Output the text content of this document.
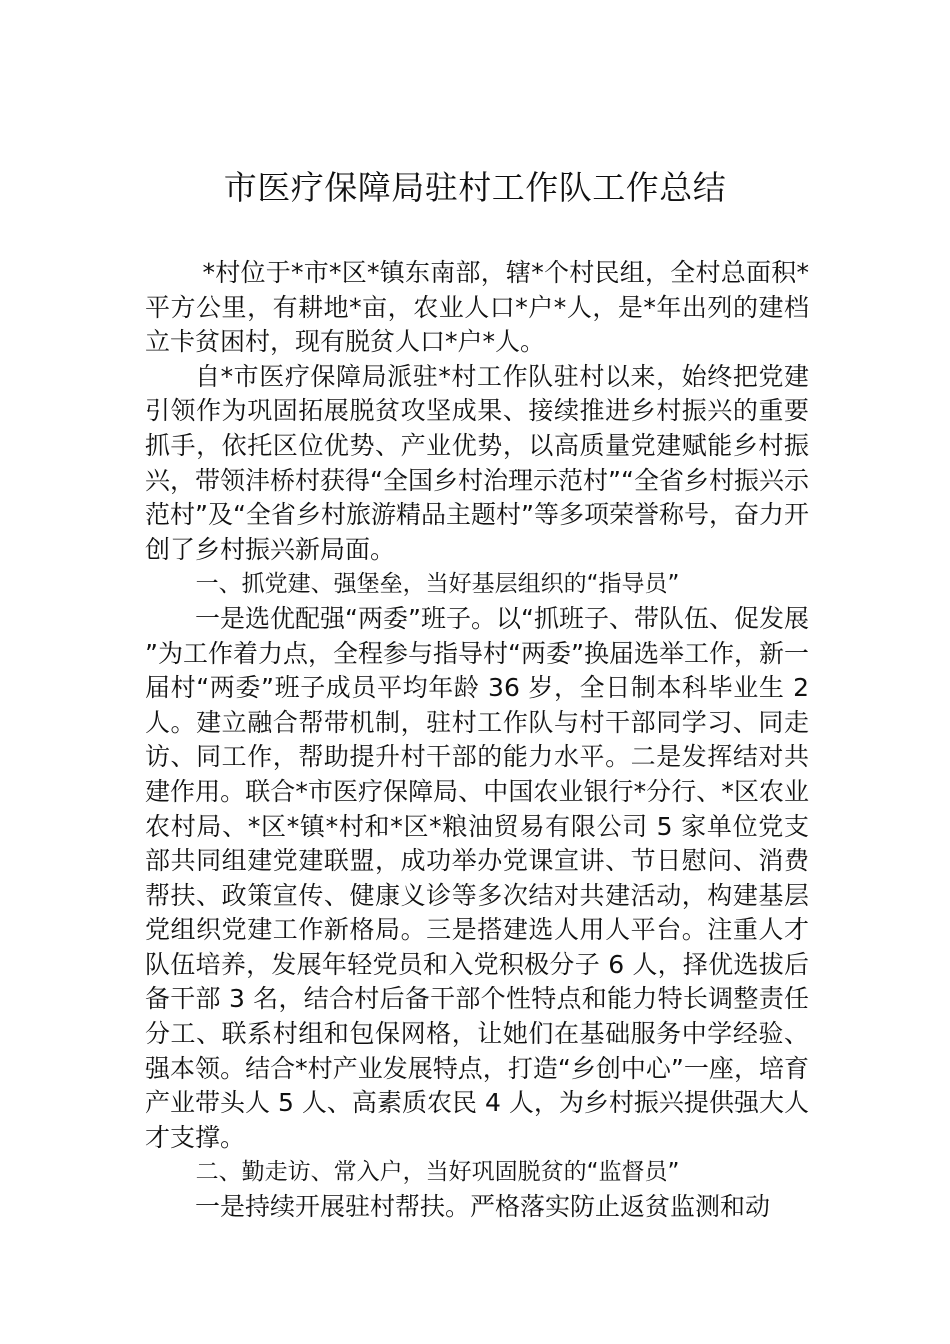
市医疗保障局驻村工作队工作总结

*村位于*市*区*镇东南部，辖*个村民组，全村总面积*平方公里，有耕地*亩，农业人口*户*人，是*年出列的建档立卡贫困村，现有脱贫人口*户*人。

自*市医疗保障局派驻*村工作队驻村以来，始终把党建引领作为巩固拓展脱贫攻坚成果、接续推进乡村振兴的重要抓手，依托区位优势、产业优势，以高质量党建赋能乡村振兴，带领沣桥村获得“全国乡村治理示范村”“全省乡村振兴示范村”及“全省乡村旅游精品主题村”等多项荣誉称号，奋力开创了乡村振兴新局面。

一、抓党建、强堡垒，当好基层组织的“指导员”

一是选优配强“两委”班子。以“抓班子、带队伍、促发展”为工作着力点，全程参与指导村“两委”换届选举工作，新一届村“两委”班子成员平均年龄 36 岁，全日制本科毕业生 2 人。建立融合帮带机制，驻村工作队与村干部同学习、同走访、同工作，帮助提升村干部的能力水平。二是发挥结对共建作用。联合*市医疗保障局、中国农业银行*分行、*区农业农村局、*区*镇*村和*区*粮油贸易有限公司 5 家单位党支部共同组建党建联盟，成功举办党课宣讲、节日慰问、消费帮扶、政策宣传、健康义诊等多次结对共建活动，构建基层党组织党建工作新格局。三是搭建选人用人平台。注重人才队伍培养，发展年轻党员和入党积极分子 6 人，择优选拔后备干部 3 名，结合村后备干部个性特点和能力特长调整责任分工、联系村组和包保网格，让她们在基础服务中学经验、强本领。结合*村产业发展特点，打造“乡创中心”一座，培育产业带头人 5 人、高素质农民 4 人，为乡村振兴提供强大人才支撑。

二、勤走访、常入户，当好巩固脱贫的“监督员”

一是持续开展驻村帮扶。严格落实防止返贫监测和动
